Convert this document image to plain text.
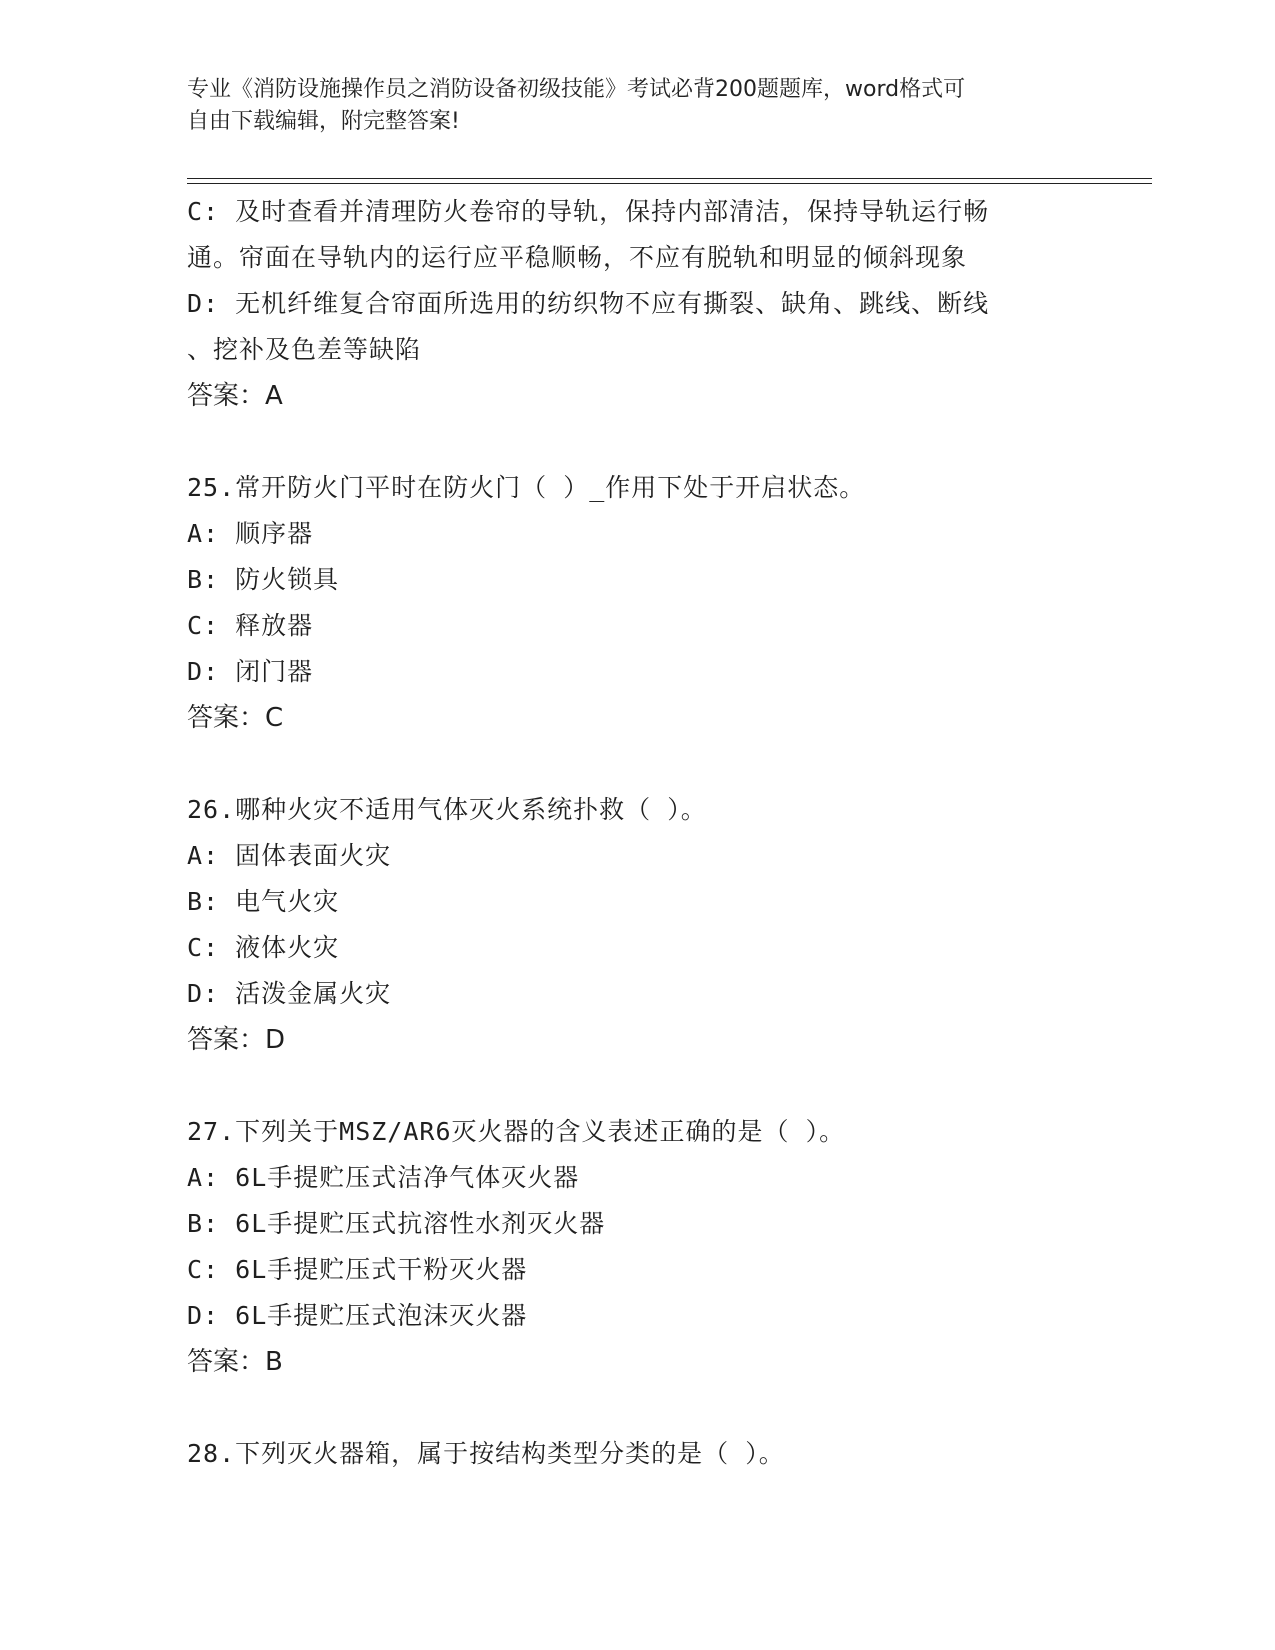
专业《消防设施操作员之消防设备初级技能》考试必背200题题库，word格式可
自由下载编辑，附完整答案!
C: 及时查看并清理防火卷帘的导轨，保持内部清洁，保持导轨运行畅
通。帘面在导轨内的运行应平稳顺畅，不应有脱轨和明显的倾斜现象
D: 无机纤维复合帘面所选用的纺织物不应有撕裂、缺角、跳线、断线
、挖补及色差等缺陷
答案：A
25.常开防火门平时在防火门（ ）_作用下处于开启状态。
A: 顺序器
B: 防火锁具
C: 释放器
D: 闭门器
答案：C
26.哪种火灾不适用气体灭火系统扑救（ ）。
A: 固体表面火灾
B: 电气火灾
C: 液体火灾
D: 活泼金属火灾
答案：D
27.下列关于MSZ/AR6灭火器的含义表述正确的是（ ）。
A: 6L手提贮压式洁净气体灭火器
B: 6L手提贮压式抗溶性水剂灭火器
C: 6L手提贮压式干粉灭火器
D: 6L手提贮压式泡沫灭火器
答案：B
28.下列灭火器箱，属于按结构类型分类的是（ ）。
